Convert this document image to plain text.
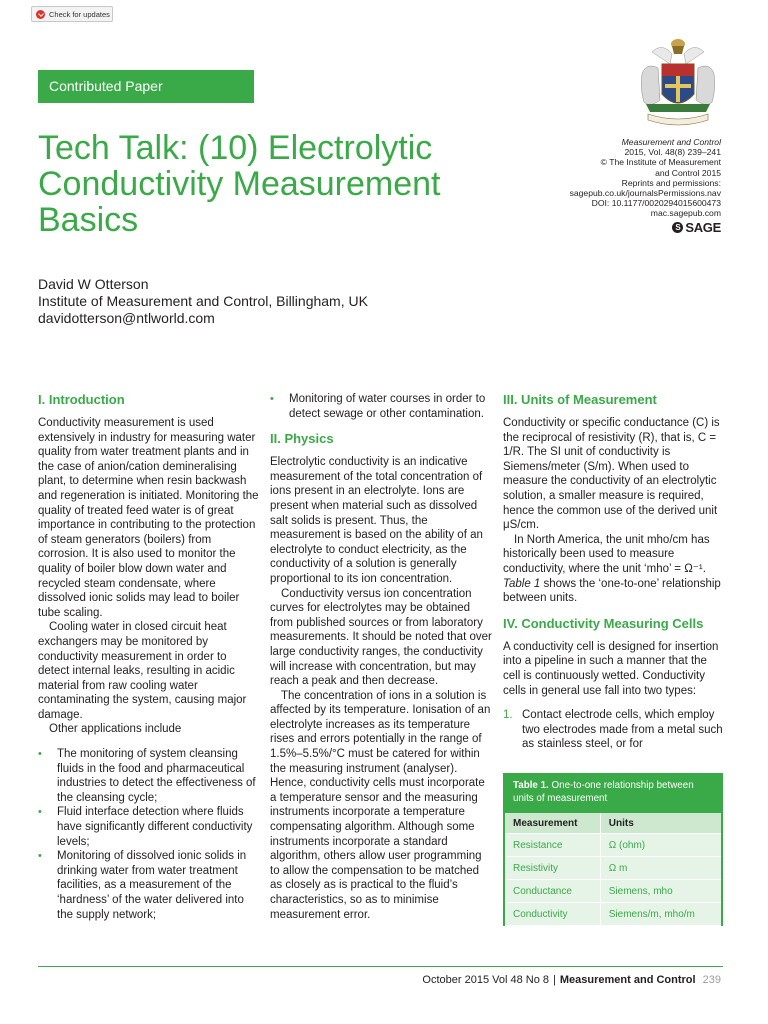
Check for updates
Contributed Paper
Measurement and Control
2015, Vol. 48(8) 239–241
© The Institute of Measurement
and Control 2015
Reprints and permissions:
sagepub.co.uk/journalsPermissions.nav
DOI: 10.1177/0020294015600473
mac.sagepub.com
S SAGE
Tech Talk: (10) Electrolytic
Conductivity Measurement
Basics
David W Otterson
Institute of Measurement and Control, Billingham, UK
davidotterson@ntlworld.com
I. Introduction

Conductivity measurement is used extensively in industry for measuring water quality from water treatment plants and in the case of anion/cation demineralising plant, to determine when resin backwash and regeneration is initiated. Monitoring the quality of treated feed water is of great importance in contributing to the protection of steam generators (boilers) from corrosion. It is also used to monitor the quality of boiler blow down water and recycled steam condensate, where dissolved ionic solids may lead to boiler tube scaling.

Cooling water in closed circuit heat exchangers may be monitored by conductivity measurement in order to detect internal leaks, resulting in acidic material from raw cooling water contaminating the system, causing major damage.

Other applications include

• The monitoring of system cleansing fluids in the food and pharmaceutical industries to detect the effectiveness of the cleansing cycle;
• Fluid interface detection where fluids have significantly different conductivity levels;
• Monitoring of dissolved ionic solids in drinking water from water treatment facilities, as a measurement of the ‘hardness’ of the water delivered into the supply network;
• Monitoring of water courses in order to detect sewage or other contamination.
II. Physics

Electrolytic conductivity is an indicative measurement of the total concentration of ions present in an electrolyte. Ions are present when material such as dissolved salt solids is present. Thus, the measurement is based on the ability of an electrolyte to conduct electricity, as the conductivity of a solution is generally proportional to its ion concentration.

Conductivity versus ion concentration curves for electrolytes may be obtained from published sources or from laboratory measurements. It should be noted that over large conductivity ranges, the conductivity will increase with concentration, but may reach a peak and then decrease.

The concentration of ions in a solution is affected by its temperature. Ionisation of an electrolyte increases as its temperature rises and errors potentially in the range of 1.5%–5.5%/°C must be catered for within the measuring instrument (analyser). Hence, conductivity cells must incorporate a temperature sensor and the measuring instruments incorporate a temperature compensating algorithm. Although some instruments incorporate a standard algorithm, others allow user programming to allow the compensation to be matched as closely as is practical to the fluid’s characteristics, so as to minimise measurement error.

III. Units of Measurement

Conductivity or specific conductance (C) is the reciprocal of resistivity (R), that is, C = 1/R. The SI unit of conductivity is Siemens/meter (S/m). When used to measure the conductivity of an electrolytic solution, a smaller measure is required, hence the common use of the derived unit μS/cm.

In North America, the unit mho/cm has historically been used to measure conductivity, where the unit ‘mho’ = Ω⁻¹. Table 1 shows the ‘one-to-one’ relationship between units.

IV. Conductivity Measuring Cells

A conductivity cell is designed for insertion into a pipeline in such a manner that the cell is continuously wetted. Conductivity cells in general use fall into two types:

1. Contact electrode cells, which employ two electrodes made from a metal such as stainless steel, or for
Table 1. One-to-one relationship between units of measurement
Measurement	Units
Resistance	Ω (ohm)
Resistivity	Ω m
Conductance	Siemens, mho
Conductivity	Siemens/m, mho/m
October 2015 Vol 48 No 8 | Measurement and Control 239
